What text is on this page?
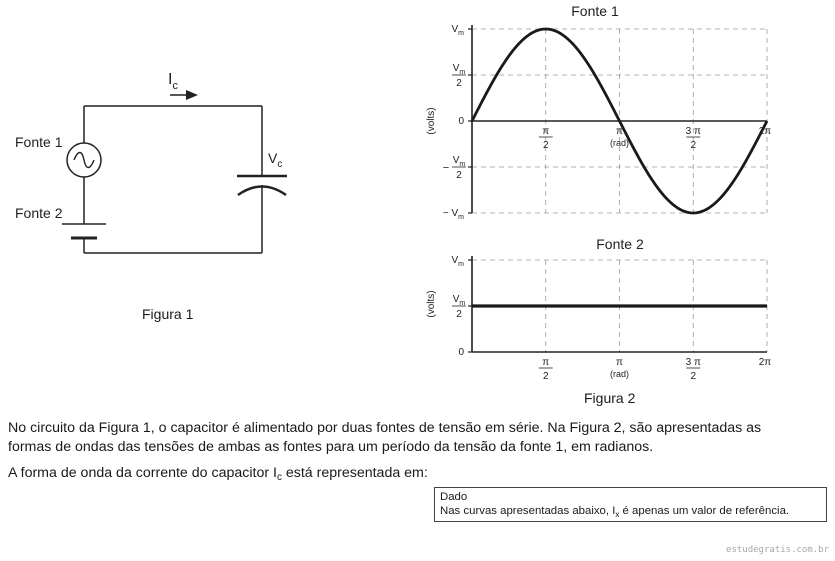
$I_c$
$V_c$
Fonte 1
Fonte 2
Figura 1
Fonte 1
(volts)
$V_m$
$V_m$
2
0
$V_m$
2
−
− $V_m$
π
2
π
(rad)
3 π
2
2π
Fonte 2
(volts)
$V_m$
$V_m$
2
0
π
2
π
(rad)
3 π
2
2π
Figura 2
No circuito da Figura 1, o capacitor é alimentado por duas fontes de tensão em série. Na Figura 2, são apresentadas as
formas de ondas das tensões de ambas as fontes para um período da tensão da fonte 1, em radianos.
A forma de onda da corrente do capacitor $I_c$ está representada em:
Dado
Nas curvas apresentadas abaixo, $I_x$ é apenas um valor de referência.
estudegratis.com.br
